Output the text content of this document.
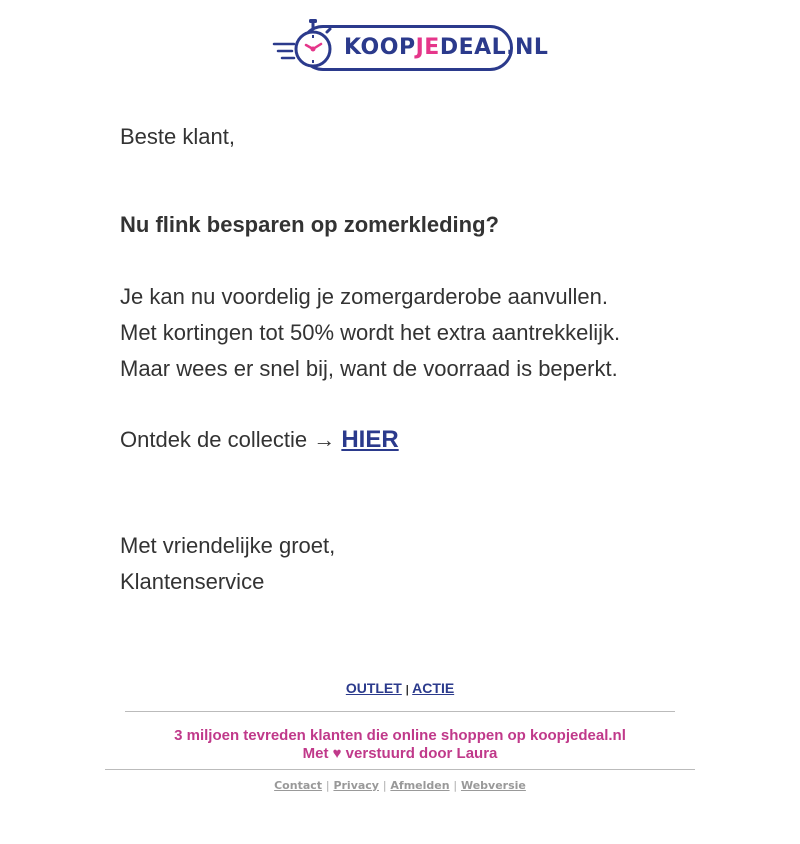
KOOPJEDEAL.NL
Beste klant,
Nu flink besparen op zomerkleding?
Je kan nu voordelig je zomergarderobe aanvullen.
Met kortingen tot 50% wordt het extra aantrekkelijk.
Maar wees er snel bij, want de voorraad is beperkt.
Ontdek de collectie → HIER
Met vriendelijke groet,
Klantenservice
OUTLET | ACTIE
3 miljoen tevreden klanten die online shoppen op koopjedeal.nl
Met ♥ verstuurd door Laura
Contact | Privacy | Afmelden | Webversie
